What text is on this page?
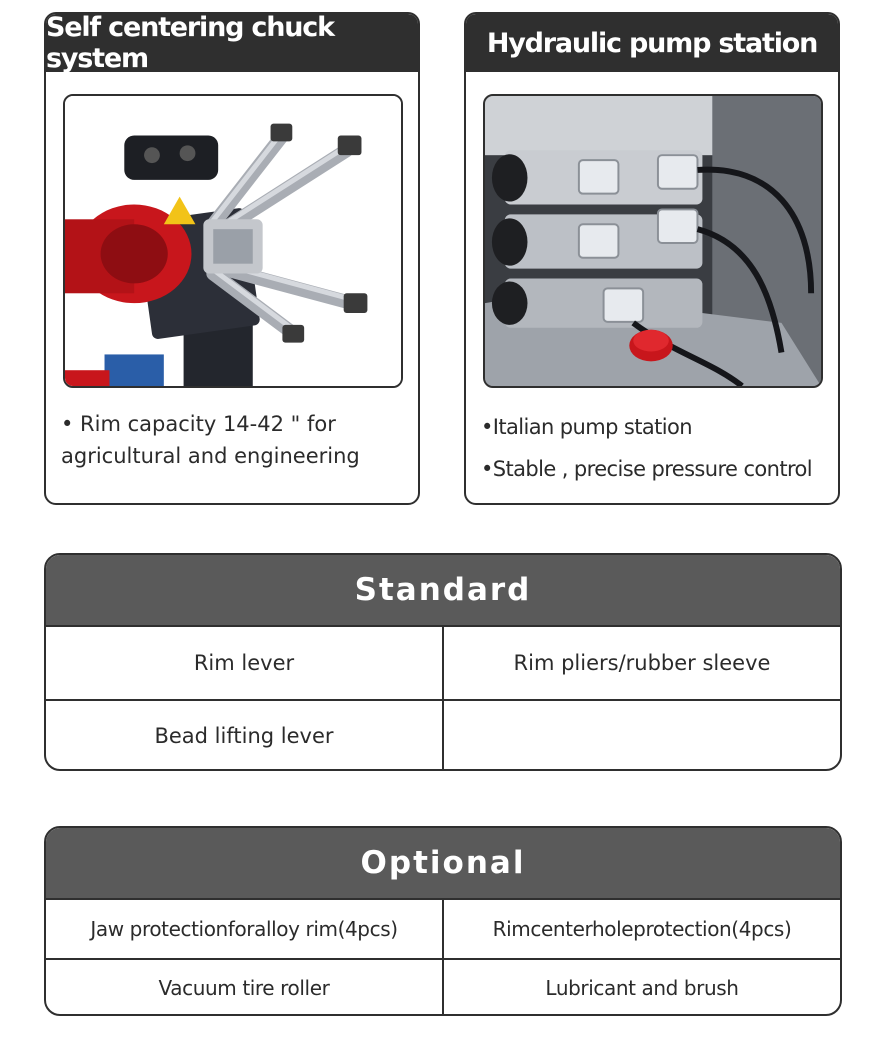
Self centering chuck system
• Rim capacity 14-42 " for
agricultural and engineering
Hydraulic pump station
•Italian pump station
•Stable , precise pressure control
Standard
Rim lever	Rim pliers/rubber sleeve
Bead lifting lever
Optional
Jaw protectionforalloy rim(4pcs)	Rimcenterholeprotection(4pcs)
Vacuum tire roller	Lubricant and brush
